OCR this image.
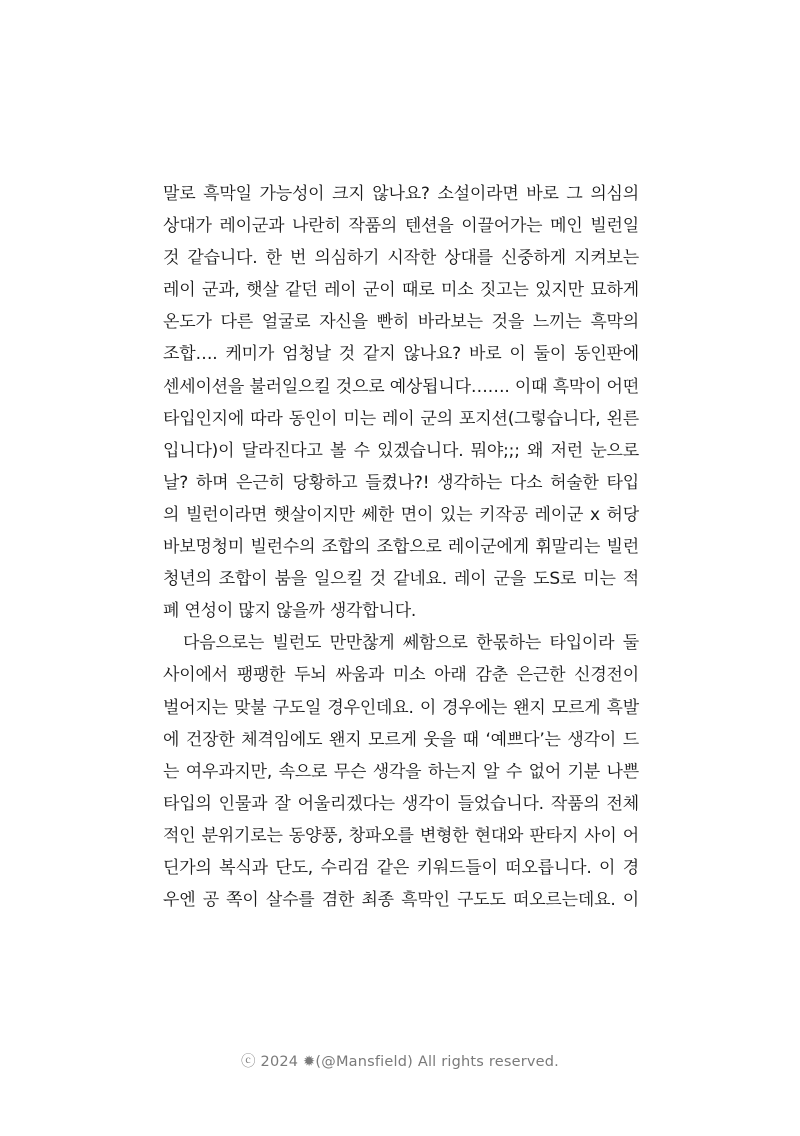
말로 흑막일 가능성이 크지 않나요? 소설이라면 바로 그 의심의
상대가 레이군과 나란히 작품의 텐션을 이끌어가는 메인 빌런일
것 같습니다. 한 번 의심하기 시작한 상대를 신중하게 지켜보는
레이 군과, 햇살 같던 레이 군이 때로 미소 짓고는 있지만 묘하게
온도가 다른 얼굴로 자신을 빤히 바라보는 것을 느끼는 흑막의
조합…. 케미가 엄청날 것 같지 않나요? 바로 이 둘이 동인판에
센세이션을 불러일으킬 것으로 예상됩니다……. 이때 흑막이 어떤
타입인지에 따라 동인이 미는 레이 군의 포지션(그렇습니다, 왼른
입니다)이 달라진다고 볼 수 있겠습니다. 뭐야;;; 왜 저런 눈으로
날? 하며 은근히 당황하고 들켰나?! 생각하는 다소 허술한 타입
의 빌런이라면 햇살이지만 쎄한 면이 있는 키작공 레이군 x 허당
바보멍청미 빌런수의 조합의 조합으로 레이군에게 휘말리는 빌런
청년의 조합이 붐을 일으킬 것 같네요. 레이 군을 도S로 미는 적
폐 연성이 많지 않을까 생각합니다.
다음으로는 빌런도 만만찮게 쎄함으로 한몫하는 타입이라 둘
사이에서 팽팽한 두뇌 싸움과 미소 아래 감춘 은근한 신경전이
벌어지는 맞불 구도일 경우인데요. 이 경우에는 왠지 모르게 흑발
에 건장한 체격임에도 왠지 모르게 웃을 때 ‘예쁘다’는 생각이 드
는 여우과지만, 속으로 무슨 생각을 하는지 알 수 없어 기분 나쁜
타입의 인물과 잘 어울리겠다는 생각이 들었습니다. 작품의 전체
적인 분위기로는 동양풍, 창파오를 변형한 현대와 판타지 사이 어
딘가의 복식과 단도, 수리검 같은 키워드들이 떠오릅니다. 이 경
우엔 공 쪽이 살수를 겸한 최종 흑막인 구도도 떠오르는데요. 이
ⓒ 2024 ✹(@Mansfield) All rights reserved.
